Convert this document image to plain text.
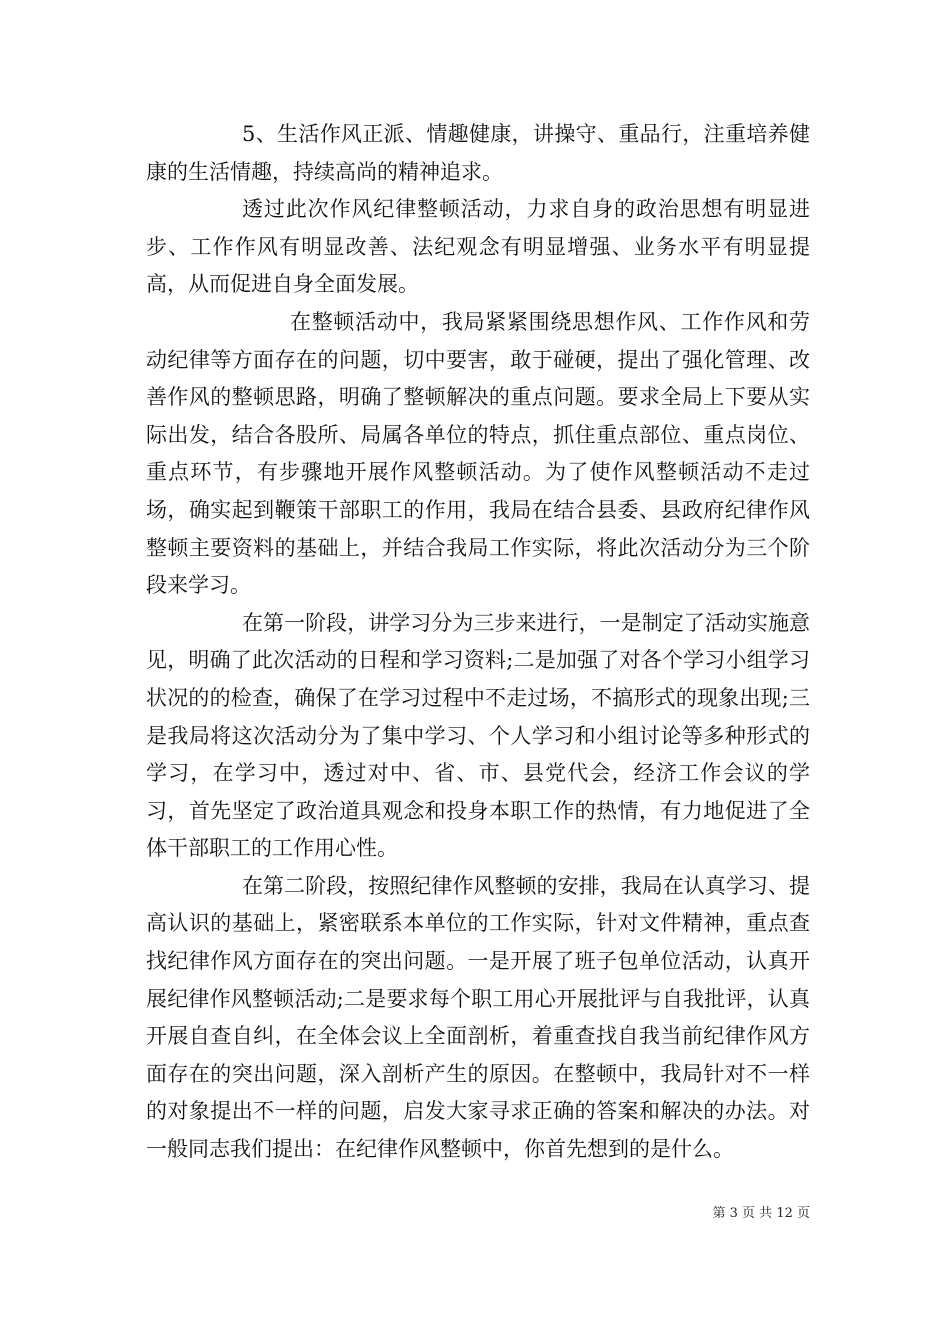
5、生活作风正派、情趣健康，讲操守、重品行，注重培养健康的生活情趣，持续高尚的精神追求。

透过此次作风纪律整顿活动，力求自身的政治思想有明显进步、工作作风有明显改善、法纪观念有明显增强、业务水平有明显提高，从而促进自身全面发展。

在整顿活动中，我局紧紧围绕思想作风、工作作风和劳动纪律等方面存在的问题，切中要害，敢于碰硬，提出了强化管理、改善作风的整顿思路，明确了整顿解决的重点问题。要求全局上下要从实际出发，结合各股所、局属各单位的特点，抓住重点部位、重点岗位、重点环节，有步骤地开展作风整顿活动。为了使作风整顿活动不走过场，确实起到鞭策干部职工的作用，我局在结合县委、县政府纪律作风整顿主要资料的基础上，并结合我局工作实际，将此次活动分为三个阶段来学习。

在第一阶段，讲学习分为三步来进行，一是制定了活动实施意见，明确了此次活动的日程和学习资料;二是加强了对各个学习小组学习状况的的检查，确保了在学习过程中不走过场，不搞形式的现象出现;三是我局将这次活动分为了集中学习、个人学习和小组讨论等多种形式的学习，在学习中，透过对中、省、市、县党代会，经济工作会议的学习，首先坚定了政治道具观念和投身本职工作的热情，有力地促进了全体干部职工的工作用心性。

在第二阶段，按照纪律作风整顿的安排，我局在认真学习、提高认识的基础上，紧密联系本单位的工作实际，针对文件精神，重点查找纪律作风方面存在的突出问题。一是开展了班子包单位活动，认真开展纪律作风整顿活动;二是要求每个职工用心开展批评与自我批评，认真开展自查自纠，在全体会议上全面剖析，着重查找自我当前纪律作风方面存在的突出问题，深入剖析产生的原因。在整顿中，我局针对不一样的对象提出不一样的问题，启发大家寻求正确的答案和解决的办法。对一般同志我们提出：在纪律作风整顿中，你首先想到的是什么。

第 3 页 共 12 页
